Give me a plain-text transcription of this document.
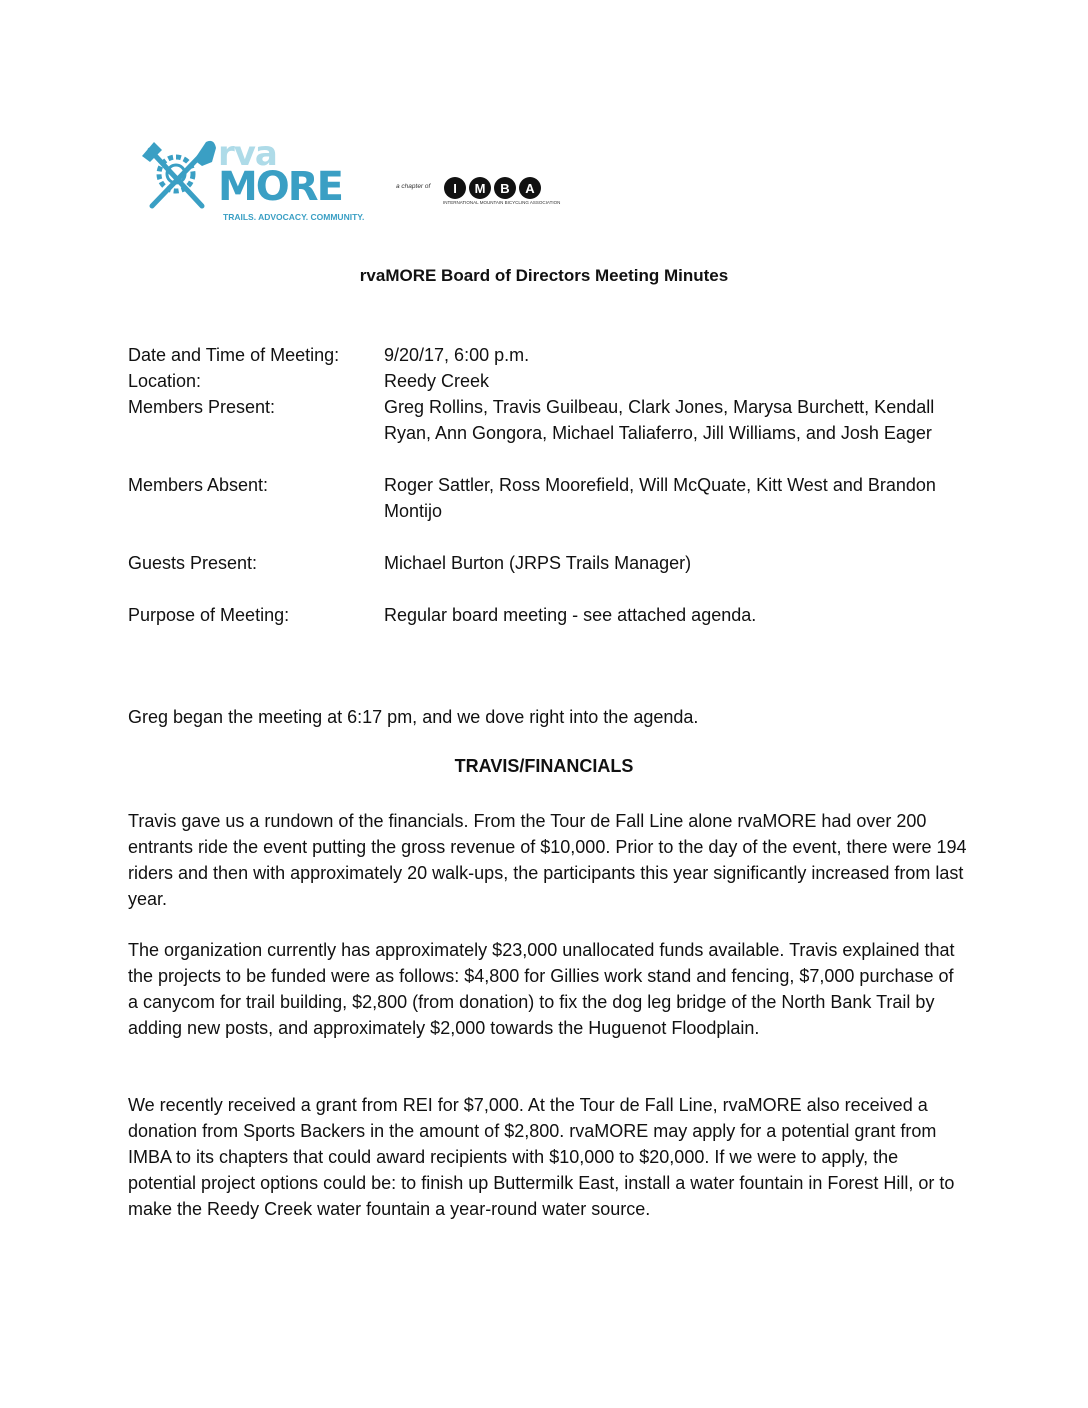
rva
MORE
TRAILS. ADVOCACY. COMMUNITY.
a chapter of I M B A
INTERNATIONAL MOUNTAIN BICYCLING ASSOCIATION
rvaMORE Board of Directors Meeting Minutes
Date and Time of Meeting:	9/20/17, 6:00 p.m.
Location:	Reedy Creek
Members Present:	Greg Rollins, Travis Guilbeau, Clark Jones, Marysa Burchett, Kendall Ryan, Ann Gongora, Michael Taliaferro, Jill Williams, and Josh Eager
Members Absent:	Roger Sattler, Ross Moorefield, Will McQuate, Kitt West and Brandon Montijo
Guests Present:	Michael Burton (JRPS Trails Manager)
Purpose of Meeting:	Regular board meeting - see attached agenda.

Greg began the meeting at 6:17 pm, and we dove right into the agenda.

TRAVIS/FINANCIALS

Travis gave us a rundown of the financials. From the Tour de Fall Line alone rvaMORE had over 200 entrants ride the event putting the gross revenue of $10,000. Prior to the day of the event, there were 194 riders and then with approximately 20 walk-ups, the participants this year significantly increased from last year.

The organization currently has approximately $23,000 unallocated funds available. Travis explained that the projects to be funded were as follows: $4,800 for Gillies work stand and fencing, $7,000 purchase of a canycom for trail building, $2,800 (from donation) to fix the dog leg bridge of the North Bank Trail by adding new posts, and approximately $2,000 towards the Huguenot Floodplain.

We recently received a grant from REI for $7,000. At the Tour de Fall Line, rvaMORE also received a donation from Sports Backers in the amount of $2,800. rvaMORE may apply for a potential grant from IMBA to its chapters that could award recipients with $10,000 to $20,000. If we were to apply, the potential project options could be: to finish up Buttermilk East, install a water fountain in Forest Hill, or to make the Reedy Creek water fountain a year-round water source.
